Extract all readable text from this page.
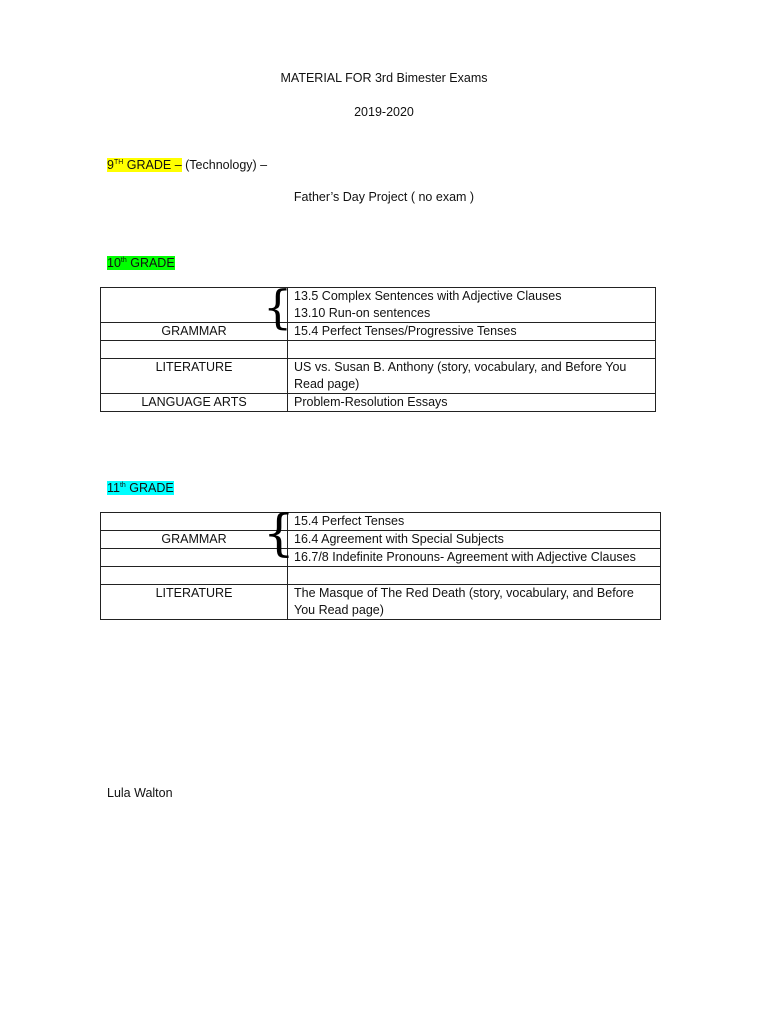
MATERIAL FOR 3rd Bimester Exams
2019-2020
9TH GRADE – (Technology) –
Father’s Day Project ( no exam )
10th GRADE
	13.5 Complex Sentences with Adjective Clauses
13.10 Run-on sentences
GRAMMAR	15.4 Perfect Tenses/Progressive Tenses

LITERATURE	US vs. Susan B. Anthony (story, vocabulary, and Before You Read page)
LANGUAGE ARTS	Problem-Resolution Essays
{
11th GRADE
	15.4 Perfect Tenses
GRAMMAR	16.4 Agreement with Special Subjects
	16.7/8 Indefinite Pronouns- Agreement with Adjective Clauses

LITERATURE	The Masque of The Red Death (story, vocabulary, and Before You Read page)
{
Lula Walton
